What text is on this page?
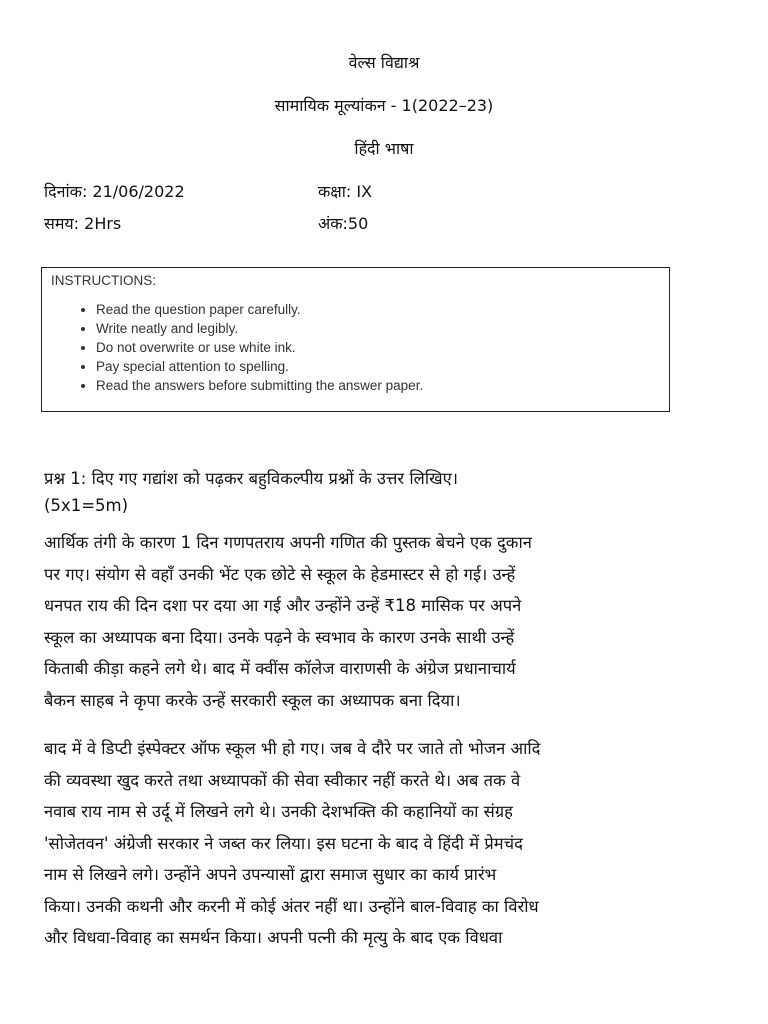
वेल्स विद्याश्र
सामायिक मूल्यांकन - 1(2022–23)
हिंदी भाषा
दिनांक: 21/06/2022	कक्षा: IX
समय: 2Hrs	अंक:50
INSTRUCTIONS:
• Read the question paper carefully.
• Write neatly and legibly.
• Do not overwrite or use white ink.
• Pay special attention to spelling.
• Read the answers before submitting the answer paper.
प्रश्न 1: दिए गए गद्यांश को पढ़कर बहुविकल्पीय प्रश्नों के उत्तर लिखिए।
(5x1=5m)
आर्थिक तंगी के कारण 1 दिन गणपतराय अपनी गणित की पुस्तक बेचने एक दुकान
पर गए। संयोग से वहाँ उनकी भेंट एक छोटे से स्कूल के हेडमास्टर से हो गई। उन्हें
धनपत राय की दिन दशा पर दया आ गई और उन्होंने उन्हें ₹18 मासिक पर अपने
स्कूल का अध्यापक बना दिया। उनके पढ़ने के स्वभाव के कारण उनके साथी उन्हें
किताबी कीड़ा कहने लगे थे। बाद में क्वींस कॉलेज वाराणसी के अंग्रेज प्रधानाचार्य
बैकन साहब ने कृपा करके उन्हें सरकारी स्कूल का अध्यापक बना दिया।
बाद में वे डिप्टी इंस्पेक्टर ऑफ स्कूल भी हो गए। जब वे दौरे पर जाते तो भोजन आदि
की व्यवस्था खुद करते तथा अध्यापकों की सेवा स्वीकार नहीं करते थे। अब तक वे
नवाब राय नाम से उर्दू में लिखने लगे थे। उनकी देशभक्ति की कहानियों का संग्रह
'सोजेतवन' अंग्रेजी सरकार ने जब्त कर लिया। इस घटना के बाद वे हिंदी में प्रेमचंद
नाम से लिखने लगे। उन्होंने अपने उपन्यासों द्वारा समाज सुधार का कार्य प्रारंभ
किया। उनकी कथनी और करनी में कोई अंतर नहीं था। उन्होंने बाल-विवाह का विरोध
और विधवा-विवाह का समर्थन किया। अपनी पत्नी की मृत्यु के बाद एक विधवा
